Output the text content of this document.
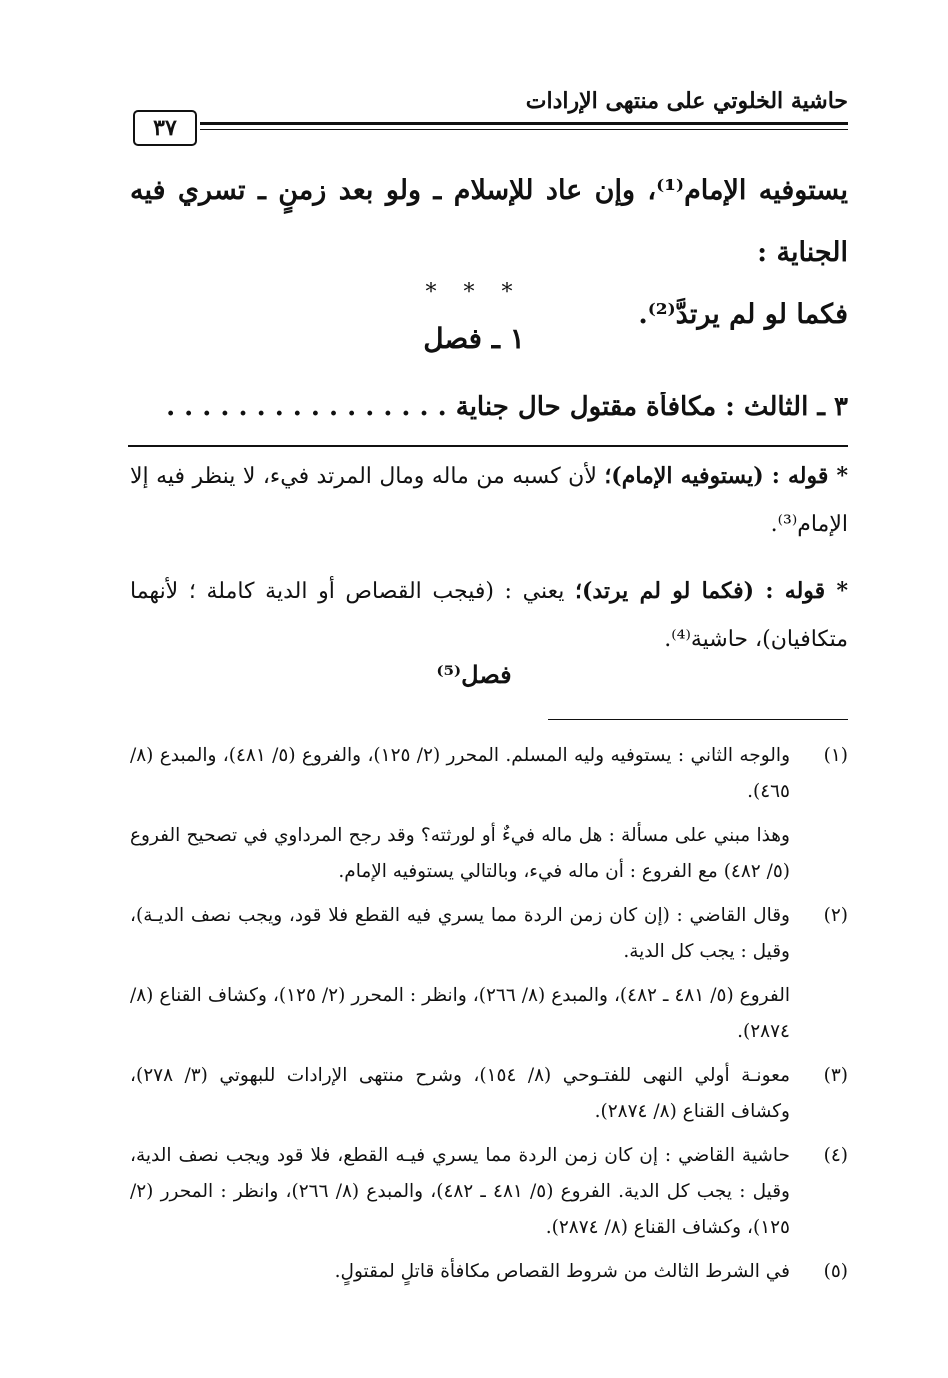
حاشية الخلوتي على منتهى الإرادات
٣٧
يستوفيه الإمام⁽¹⁾، وإن عاد للإسلام ـ ولو بعد زمنٍ ـ تسري فيه الجناية :
فكما لو لم يرتدَّ⁽²⁾.
* * *
١ ـ فصل
٣ ـ الثالث : مكافأة مقتول حال جناية . . . . . . . . . . . . . . . .

* قوله : (يستوفيه الإمام)؛ لأن كسبه من ماله ومال المرتد فيء، لا ينظر فيه إلا الإمام⁽³⁾.

* قوله : (فكما لو لم يرتد)؛ يعني : (فيجب القصاص أو الدية كاملة ؛ لأنهما متكافيان)، حاشية⁽⁴⁾.

فصل⁽⁵⁾
(١)

والوجه الثاني : يستوفيه وليه المسلم. المحرر (٢/ ١٢٥)، والفروع (٥/ ٤٨١)، والمبدع (٨/ ٤٦٥).

وهذا مبني على مسألة : هل ماله فيءٌ أو لورثته؟ وقد رجح المرداوي في تصحيح الفروع (٥/ ٤٨٢) مع الفروع : أن ماله فيء، وبالتالي يستوفيه الإمام.

(٢)

وقال القاضي : (إن كان زمن الردة مما يسري فيه القطع فلا قود، ويجب نصف الديـة)، وقيل : يجب كل الدية.

الفروع (٥/ ٤٨١ ـ ٤٨٢)، والمبدع (٨/ ٢٦٦)، وانظر : المحرر (٢/ ١٢٥)، وكشاف القناع (٨/ ٢٨٧٤).

(٣)

معونـة أولي النهى للفتـوحي (٨/ ١٥٤)، وشرح منتهى الإرادات للبهوتي (٣/ ٢٧٨)، وكشاف القناع (٨/ ٢٨٧٤).

(٤)

حاشية القاضي : إن كان زمن الردة مما يسري فيـه القطع، فلا قود ويجب نصف الدية، وقيل : يجب كل الدية. الفروع (٥/ ٤٨١ ـ ٤٨٢)، والمبدع (٨/ ٢٦٦)، وانظر : المحرر (٢/ ١٢٥)، وكشاف القناع (٨/ ٢٨٧٤).

(٥)

في الشرط الثالث من شروط القصاص مكافأة قاتلٍ لمقتولٍ.
